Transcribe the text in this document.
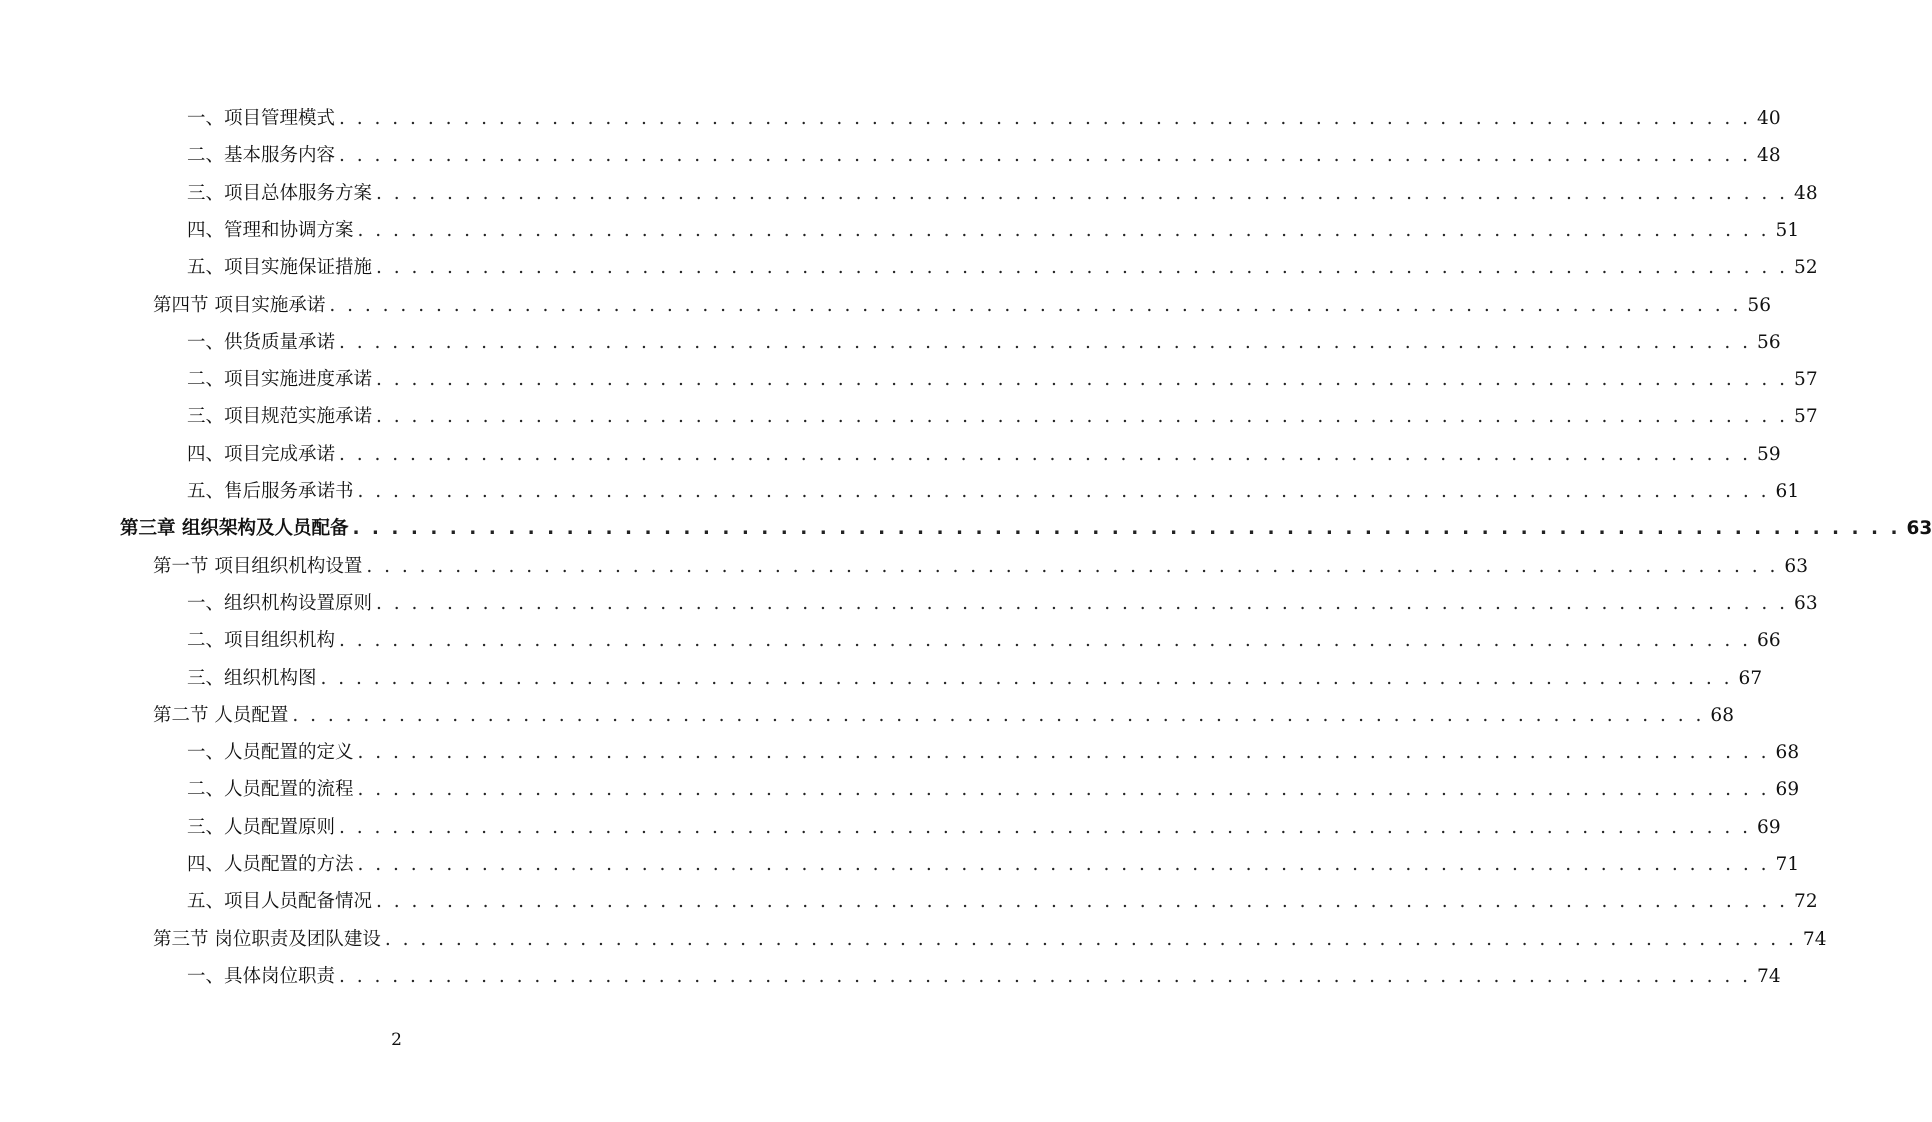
一、项目管理模式 . . . . . . . . . . . . . . . . . . . . . . . . . . . . . . . . . . . . . . . . . . . . . . . . . . . . . . . . . . . . . . . . . . . . . . . . . . . . . . . . 40
二、基本服务内容 . . . . . . . . . . . . . . . . . . . . . . . . . . . . . . . . . . . . . . . . . . . . . . . . . . . . . . . . . . . . . . . . . . . . . . . . . . . . . . . . 48
三、项目总体服务方案 . . . . . . . . . . . . . . . . . . . . . . . . . . . . . . . . . . . . . . . . . . . . . . . . . . . . . . . . . . . . . . . . . . . . . . . . . . . . . . . . 48
四、管理和协调方案 . . . . . . . . . . . . . . . . . . . . . . . . . . . . . . . . . . . . . . . . . . . . . . . . . . . . . . . . . . . . . . . . . . . . . . . . . . . . . . . . 51
五、项目实施保证措施 . . . . . . . . . . . . . . . . . . . . . . . . . . . . . . . . . . . . . . . . . . . . . . . . . . . . . . . . . . . . . . . . . . . . . . . . . . . . . . . . 52
第四节 项目实施承诺 . . . . . . . . . . . . . . . . . . . . . . . . . . . . . . . . . . . . . . . . . . . . . . . . . . . . . . . . . . . . . . . . . . . . . . . . . . . . . . . . 56
一、供货质量承诺 . . . . . . . . . . . . . . . . . . . . . . . . . . . . . . . . . . . . . . . . . . . . . . . . . . . . . . . . . . . . . . . . . . . . . . . . . . . . . . . . 56
二、项目实施进度承诺 . . . . . . . . . . . . . . . . . . . . . . . . . . . . . . . . . . . . . . . . . . . . . . . . . . . . . . . . . . . . . . . . . . . . . . . . . . . . . . . . 57
三、项目规范实施承诺 . . . . . . . . . . . . . . . . . . . . . . . . . . . . . . . . . . . . . . . . . . . . . . . . . . . . . . . . . . . . . . . . . . . . . . . . . . . . . . . . 57
四、项目完成承诺 . . . . . . . . . . . . . . . . . . . . . . . . . . . . . . . . . . . . . . . . . . . . . . . . . . . . . . . . . . . . . . . . . . . . . . . . . . . . . . . . 59
五、售后服务承诺书 . . . . . . . . . . . . . . . . . . . . . . . . . . . . . . . . . . . . . . . . . . . . . . . . . . . . . . . . . . . . . . . . . . . . . . . . . . . . . . . . 61
第三章 组织架构及人员配备 . . . . . . . . . . . . . . . . . . . . . . . . . . . . . . . . . . . . . . . . . . . . . . . . . . . . . . . . . . . . . . . . . . . . . . . . . . . . . . . . 63
第一节 项目组织机构设置 . . . . . . . . . . . . . . . . . . . . . . . . . . . . . . . . . . . . . . . . . . . . . . . . . . . . . . . . . . . . . . . . . . . . . . . . . . . . . . . . 63
一、组织机构设置原则 . . . . . . . . . . . . . . . . . . . . . . . . . . . . . . . . . . . . . . . . . . . . . . . . . . . . . . . . . . . . . . . . . . . . . . . . . . . . . . . . 63
二、项目组织机构 . . . . . . . . . . . . . . . . . . . . . . . . . . . . . . . . . . . . . . . . . . . . . . . . . . . . . . . . . . . . . . . . . . . . . . . . . . . . . . . . 66
三、组织机构图 . . . . . . . . . . . . . . . . . . . . . . . . . . . . . . . . . . . . . . . . . . . . . . . . . . . . . . . . . . . . . . . . . . . . . . . . . . . . . . . . 67
第二节 人员配置 . . . . . . . . . . . . . . . . . . . . . . . . . . . . . . . . . . . . . . . . . . . . . . . . . . . . . . . . . . . . . . . . . . . . . . . . . . . . . . . . 68
一、人员配置的定义 . . . . . . . . . . . . . . . . . . . . . . . . . . . . . . . . . . . . . . . . . . . . . . . . . . . . . . . . . . . . . . . . . . . . . . . . . . . . . . . . 68
二、人员配置的流程 . . . . . . . . . . . . . . . . . . . . . . . . . . . . . . . . . . . . . . . . . . . . . . . . . . . . . . . . . . . . . . . . . . . . . . . . . . . . . . . . 69
三、人员配置原则 . . . . . . . . . . . . . . . . . . . . . . . . . . . . . . . . . . . . . . . . . . . . . . . . . . . . . . . . . . . . . . . . . . . . . . . . . . . . . . . . 69
四、人员配置的方法 . . . . . . . . . . . . . . . . . . . . . . . . . . . . . . . . . . . . . . . . . . . . . . . . . . . . . . . . . . . . . . . . . . . . . . . . . . . . . . . . 71
五、项目人员配备情况 . . . . . . . . . . . . . . . . . . . . . . . . . . . . . . . . . . . . . . . . . . . . . . . . . . . . . . . . . . . . . . . . . . . . . . . . . . . . . . . . 72
第三节 岗位职责及团队建设 . . . . . . . . . . . . . . . . . . . . . . . . . . . . . . . . . . . . . . . . . . . . . . . . . . . . . . . . . . . . . . . . . . . . . . . . . . . . . . . . 74
一、具体岗位职责 . . . . . . . . . . . . . . . . . . . . . . . . . . . . . . . . . . . . . . . . . . . . . . . . . . . . . . . . . . . . . . . . . . . . . . . . . . . . . . . . 74
2
